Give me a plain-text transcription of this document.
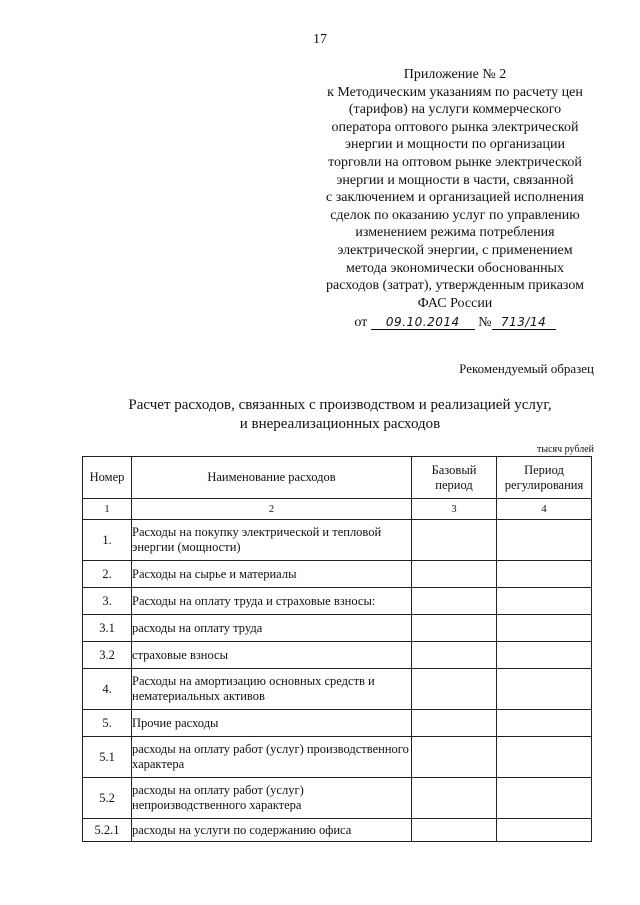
17
Приложение № 2
к Методическим указаниям по расчету цен
(тарифов) на услуги коммерческого
оператора оптового рынка электрической
энергии и мощности по организации
торговли на оптовом рынке электрической
энергии и мощности в части, связанной
с заключением и организацией исполнения
сделок по оказанию услуг по управлению
изменением режима потребления
электрической энергии, с применением
метода экономически обоснованных
расходов (затрат), утвержденным приказом
ФАС России
от 09.10.2014 № 713/14
Рекомендуемый образец
Расчет расходов, связанных с производством и реализацией услуг,
и внереализационных расходов
тысяч рублей
Номер	Наименование расходов	Базовый период	Период регулирования
1	2	3	4
1.	Расходы на покупку электрической и тепловой энергии (мощности)		
2.	Расходы на сырье и материалы		
3.	Расходы на оплату труда и страховые взносы:		
3.1	расходы на оплату труда		
3.2	страховые взносы		
4.	Расходы на амортизацию основных средств и нематериальных активов		
5.	Прочие расходы		
5.1	расходы на оплату работ (услуг) производственного характера		
5.2	расходы на оплату работ (услуг) непроизводственного характера		
5.2.1	расходы на услуги по содержанию офиса		
